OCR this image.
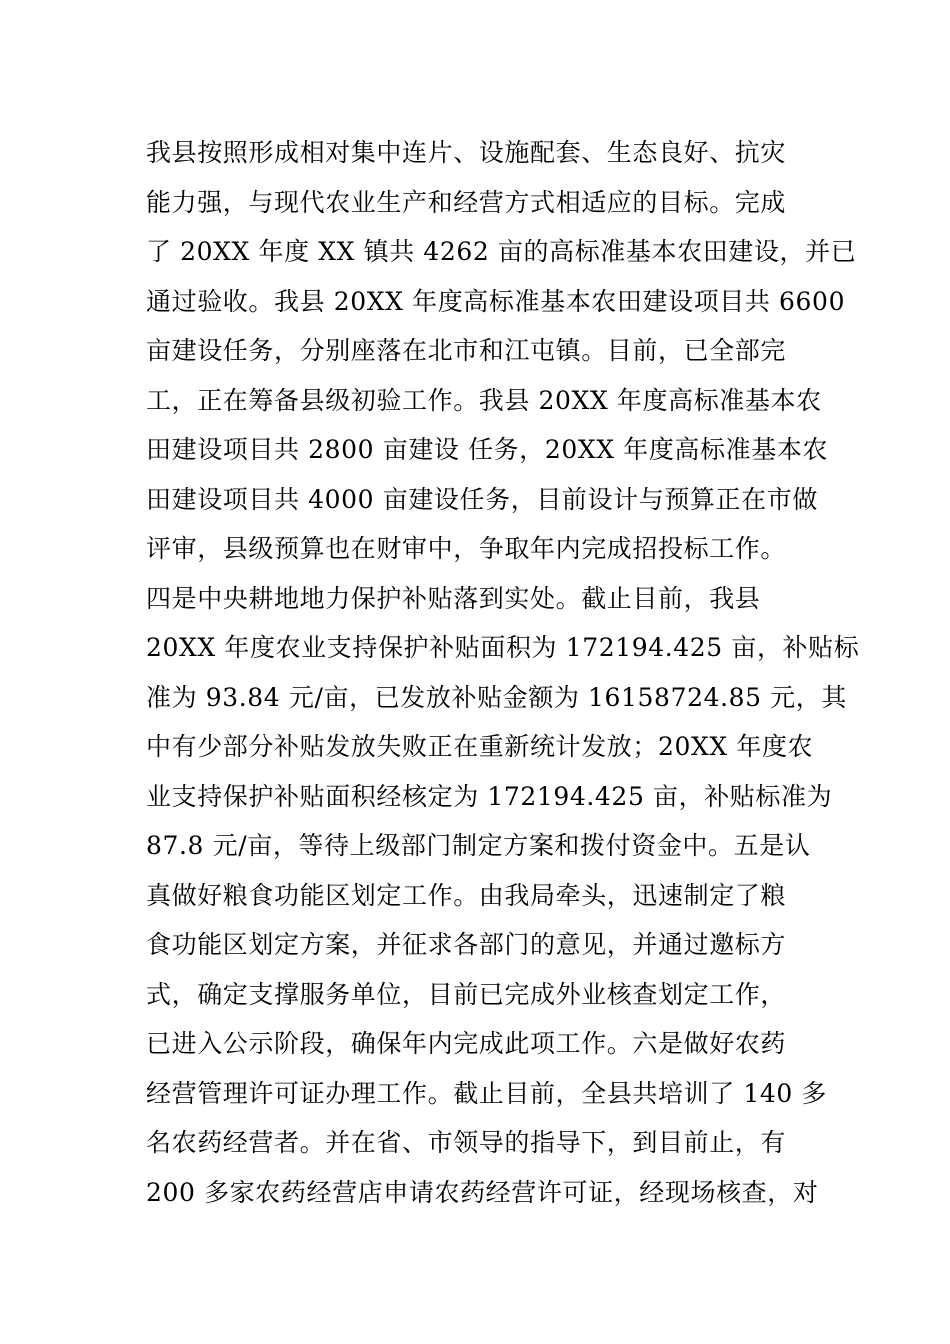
我县按照形成相对集中连片、设施配套、生态良好、抗灾
能力强，与现代农业生产和经营方式相适应的目标。完成
了 20XX 年度 XX 镇共 4262 亩的高标准基本农田建设，并已
通过验收。我县 20XX 年度高标准基本农田建设项目共 6600
亩建设任务，分别座落在北市和江屯镇。目前，已全部完
工，正在筹备县级初验工作。我县 20XX 年度高标准基本农
田建设项目共 2800 亩建设 任务，20XX 年度高标准基本农
田建设项目共 4000 亩建设任务，目前设计与预算正在市做
评审，县级预算也在财审中，争取年内完成招投标工作。
四是中央耕地地力保护补贴落到实处。截止目前，我县
20XX 年度农业支持保护补贴面积为 172194.425 亩，补贴标
准为 93.84 元/亩，已发放补贴金额为 16158724.85 元，其
中有少部分补贴发放失败正在重新统计发放；20XX 年度农
业支持保护补贴面积经核定为 172194.425 亩，补贴标准为
87.8 元/亩，等待上级部门制定方案和拨付资金中。五是认
真做好粮食功能区划定工作。由我局牵头，迅速制定了粮
食功能区划定方案，并征求各部门的意见，并通过邀标方
式，确定支撑服务单位，目前已完成外业核查划定工作，
已进入公示阶段，确保年内完成此项工作。六是做好农药
经营管理许可证办理工作。截止目前，全县共培训了 140 多
名农药经营者。并在省、市领导的指导下，到目前止，有
200 多家农药经营店申请农药经营许可证，经现场核查，对
